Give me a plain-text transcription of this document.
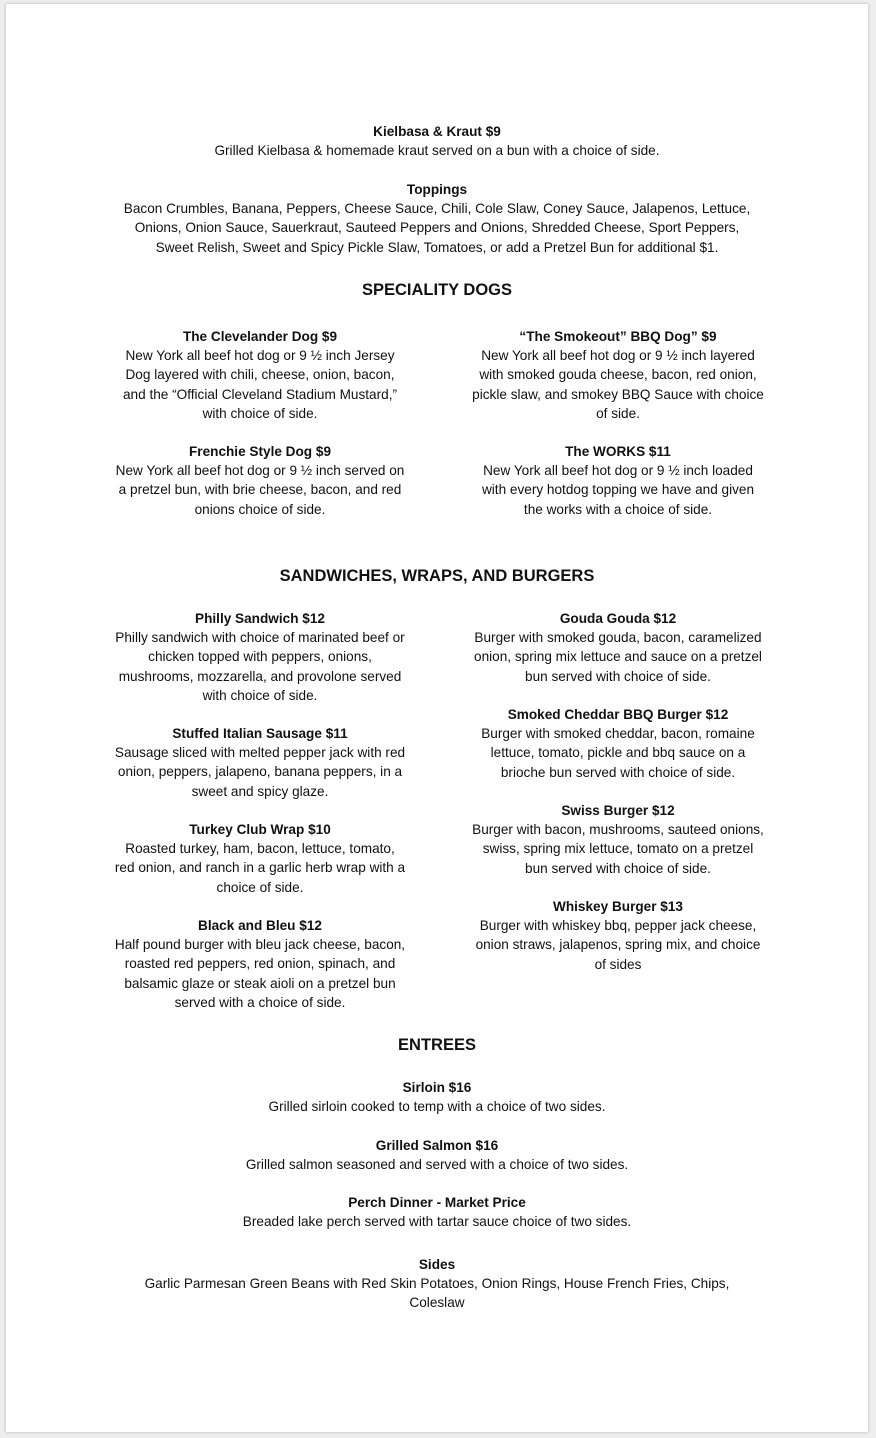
Kielbasa & Kraut $9
Grilled Kielbasa & homemade kraut served on a bun with a choice of side.
Toppings
Bacon Crumbles, Banana, Peppers, Cheese Sauce, Chili, Cole Slaw, Coney Sauce, Jalapenos, Lettuce,
Onions, Onion Sauce, Sauerkraut, Sauteed Peppers and Onions, Shredded Cheese, Sport Peppers,
Sweet Relish, Sweet and Spicy Pickle Slaw, Tomatoes, or add a Pretzel Bun for additional $1.
SPECIALITY DOGS
The Clevelander Dog $9
New York all beef hot dog or 9 ½ inch Jersey
Dog layered with chili, cheese, onion, bacon,
and the “Official Cleveland Stadium Mustard,”
with choice of side.
“The Smokeout” BBQ Dog” $9
New York all beef hot dog or 9 ½ inch layered
with smoked gouda cheese, bacon, red onion,
pickle slaw, and smokey BBQ Sauce with choice
of side.
Frenchie Style Dog $9
New York all beef hot dog or 9 ½ inch served on
a pretzel bun, with brie cheese, bacon, and red
onions choice of side.
The WORKS $11
New York all beef hot dog or 9 ½ inch loaded
with every hotdog topping we have and given
the works with a choice of side.
SANDWICHES, WRAPS, AND BURGERS
Philly Sandwich $12
Philly sandwich with choice of marinated beef or
chicken topped with peppers, onions,
mushrooms, mozzarella, and provolone served
with choice of side.
Stuffed Italian Sausage $11
Sausage sliced with melted pepper jack with red
onion, peppers, jalapeno, banana peppers, in a
sweet and spicy glaze.
Turkey Club Wrap $10
Roasted turkey, ham, bacon, lettuce, tomato,
red onion, and ranch in a garlic herb wrap with a
choice of side.
Black and Bleu $12
Half pound burger with bleu jack cheese, bacon,
roasted red peppers, red onion, spinach, and
balsamic glaze or steak aioli on a pretzel bun
served with a choice of side.
Gouda Gouda $12
Burger with smoked gouda, bacon, caramelized
onion, spring mix lettuce and sauce on a pretzel
bun served with choice of side.
Smoked Cheddar BBQ Burger $12
Burger with smoked cheddar, bacon, romaine
lettuce, tomato, pickle and bbq sauce on a
brioche bun served with choice of side.
Swiss Burger $12
Burger with bacon, mushrooms, sauteed onions,
swiss, spring mix lettuce, tomato on a pretzel
bun served with choice of side.
Whiskey Burger $13
Burger with whiskey bbq, pepper jack cheese,
onion straws, jalapenos, spring mix, and choice
of sides
ENTREES
Sirloin $16
Grilled sirloin cooked to temp with a choice of two sides.
Grilled Salmon $16
Grilled salmon seasoned and served with a choice of two sides.
Perch Dinner - Market Price
Breaded lake perch served with tartar sauce choice of two sides.
Sides
Garlic Parmesan Green Beans with Red Skin Potatoes, Onion Rings, House French Fries, Chips,
Coleslaw
